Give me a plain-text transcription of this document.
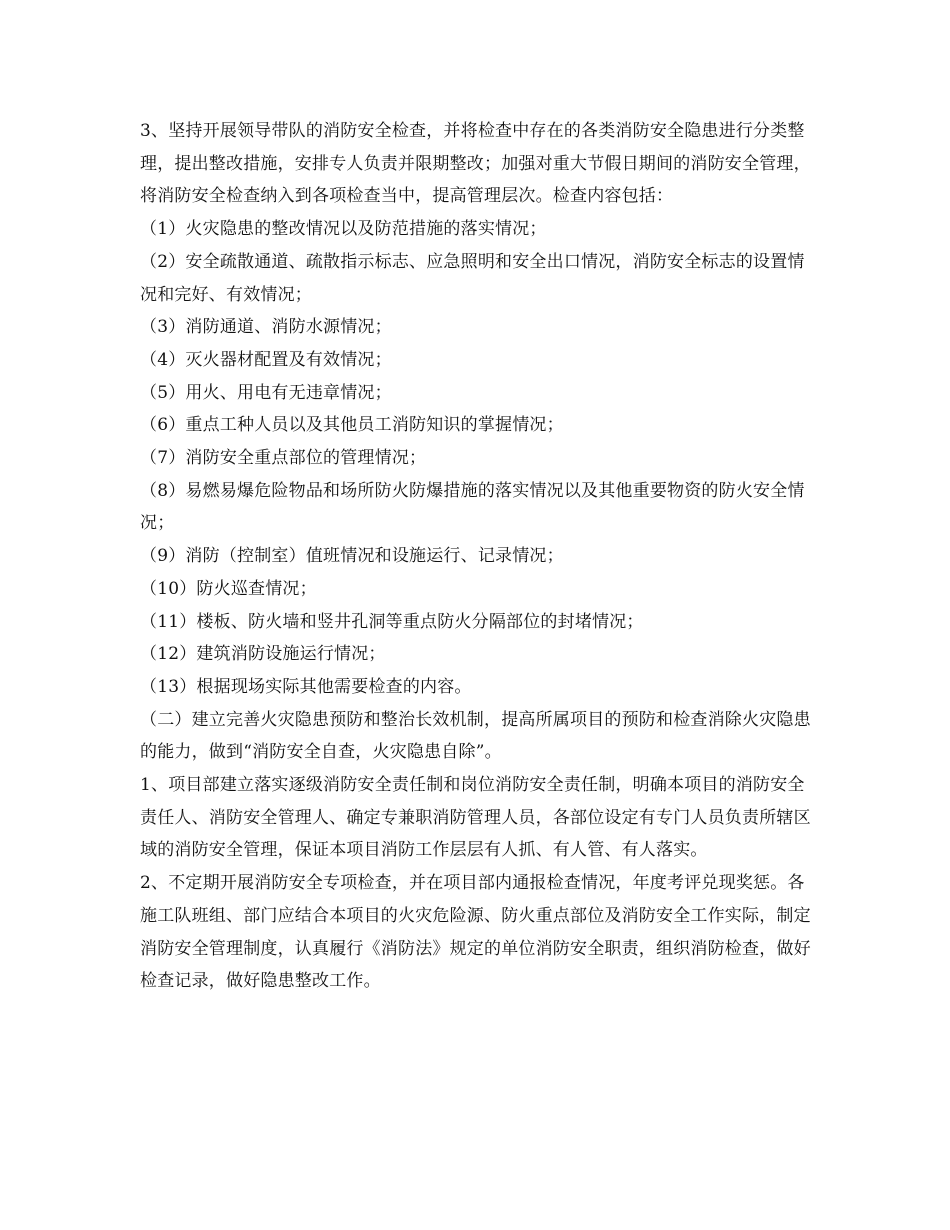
3、坚持开展领导带队的消防安全检查，并将检查中存在的各类消防安全隐患进行分类整理，提出整改措施，安排专人负责并限期整改；加强对重大节假日期间的消防安全管理，将消防安全检查纳入到各项检查当中，提高管理层次。检查内容包括：

（1）火灾隐患的整改情况以及防范措施的落实情况；

（2）安全疏散通道、疏散指示标志、应急照明和安全出口情况，消防安全标志的设置情况和完好、有效情况；

（3）消防通道、消防水源情况；

（4）灭火器材配置及有效情况；

（5）用火、用电有无违章情况；

（6）重点工种人员以及其他员工消防知识的掌握情况；

（7）消防安全重点部位的管理情况；

（8）易燃易爆危险物品和场所防火防爆措施的落实情况以及其他重要物资的防火安全情况；

（9）消防（控制室）值班情况和设施运行、记录情况；

（10）防火巡查情况；

（11）楼板、防火墙和竖井孔洞等重点防火分隔部位的封堵情况；

（12）建筑消防设施运行情况；

（13）根据现场实际其他需要检查的内容。

（二）建立完善火灾隐患预防和整治长效机制，提高所属项目的预防和检查消除火灾隐患的能力，做到“消防安全自查，火灾隐患自除”。

1、项目部建立落实逐级消防安全责任制和岗位消防安全责任制，明确本项目的消防安全责任人、消防安全管理人、确定专兼职消防管理人员，各部位设定有专门人员负责所辖区域的消防安全管理，保证本项目消防工作层层有人抓、有人管、有人落实。

2、不定期开展消防安全专项检查，并在项目部内通报检查情况，年度考评兑现奖惩。各施工队班组、部门应结合本项目的火灾危险源、防火重点部位及消防安全工作实际，制定消防安全管理制度，认真履行《消防法》规定的单位消防安全职责，组织消防检查，做好检查记录，做好隐患整改工作。
